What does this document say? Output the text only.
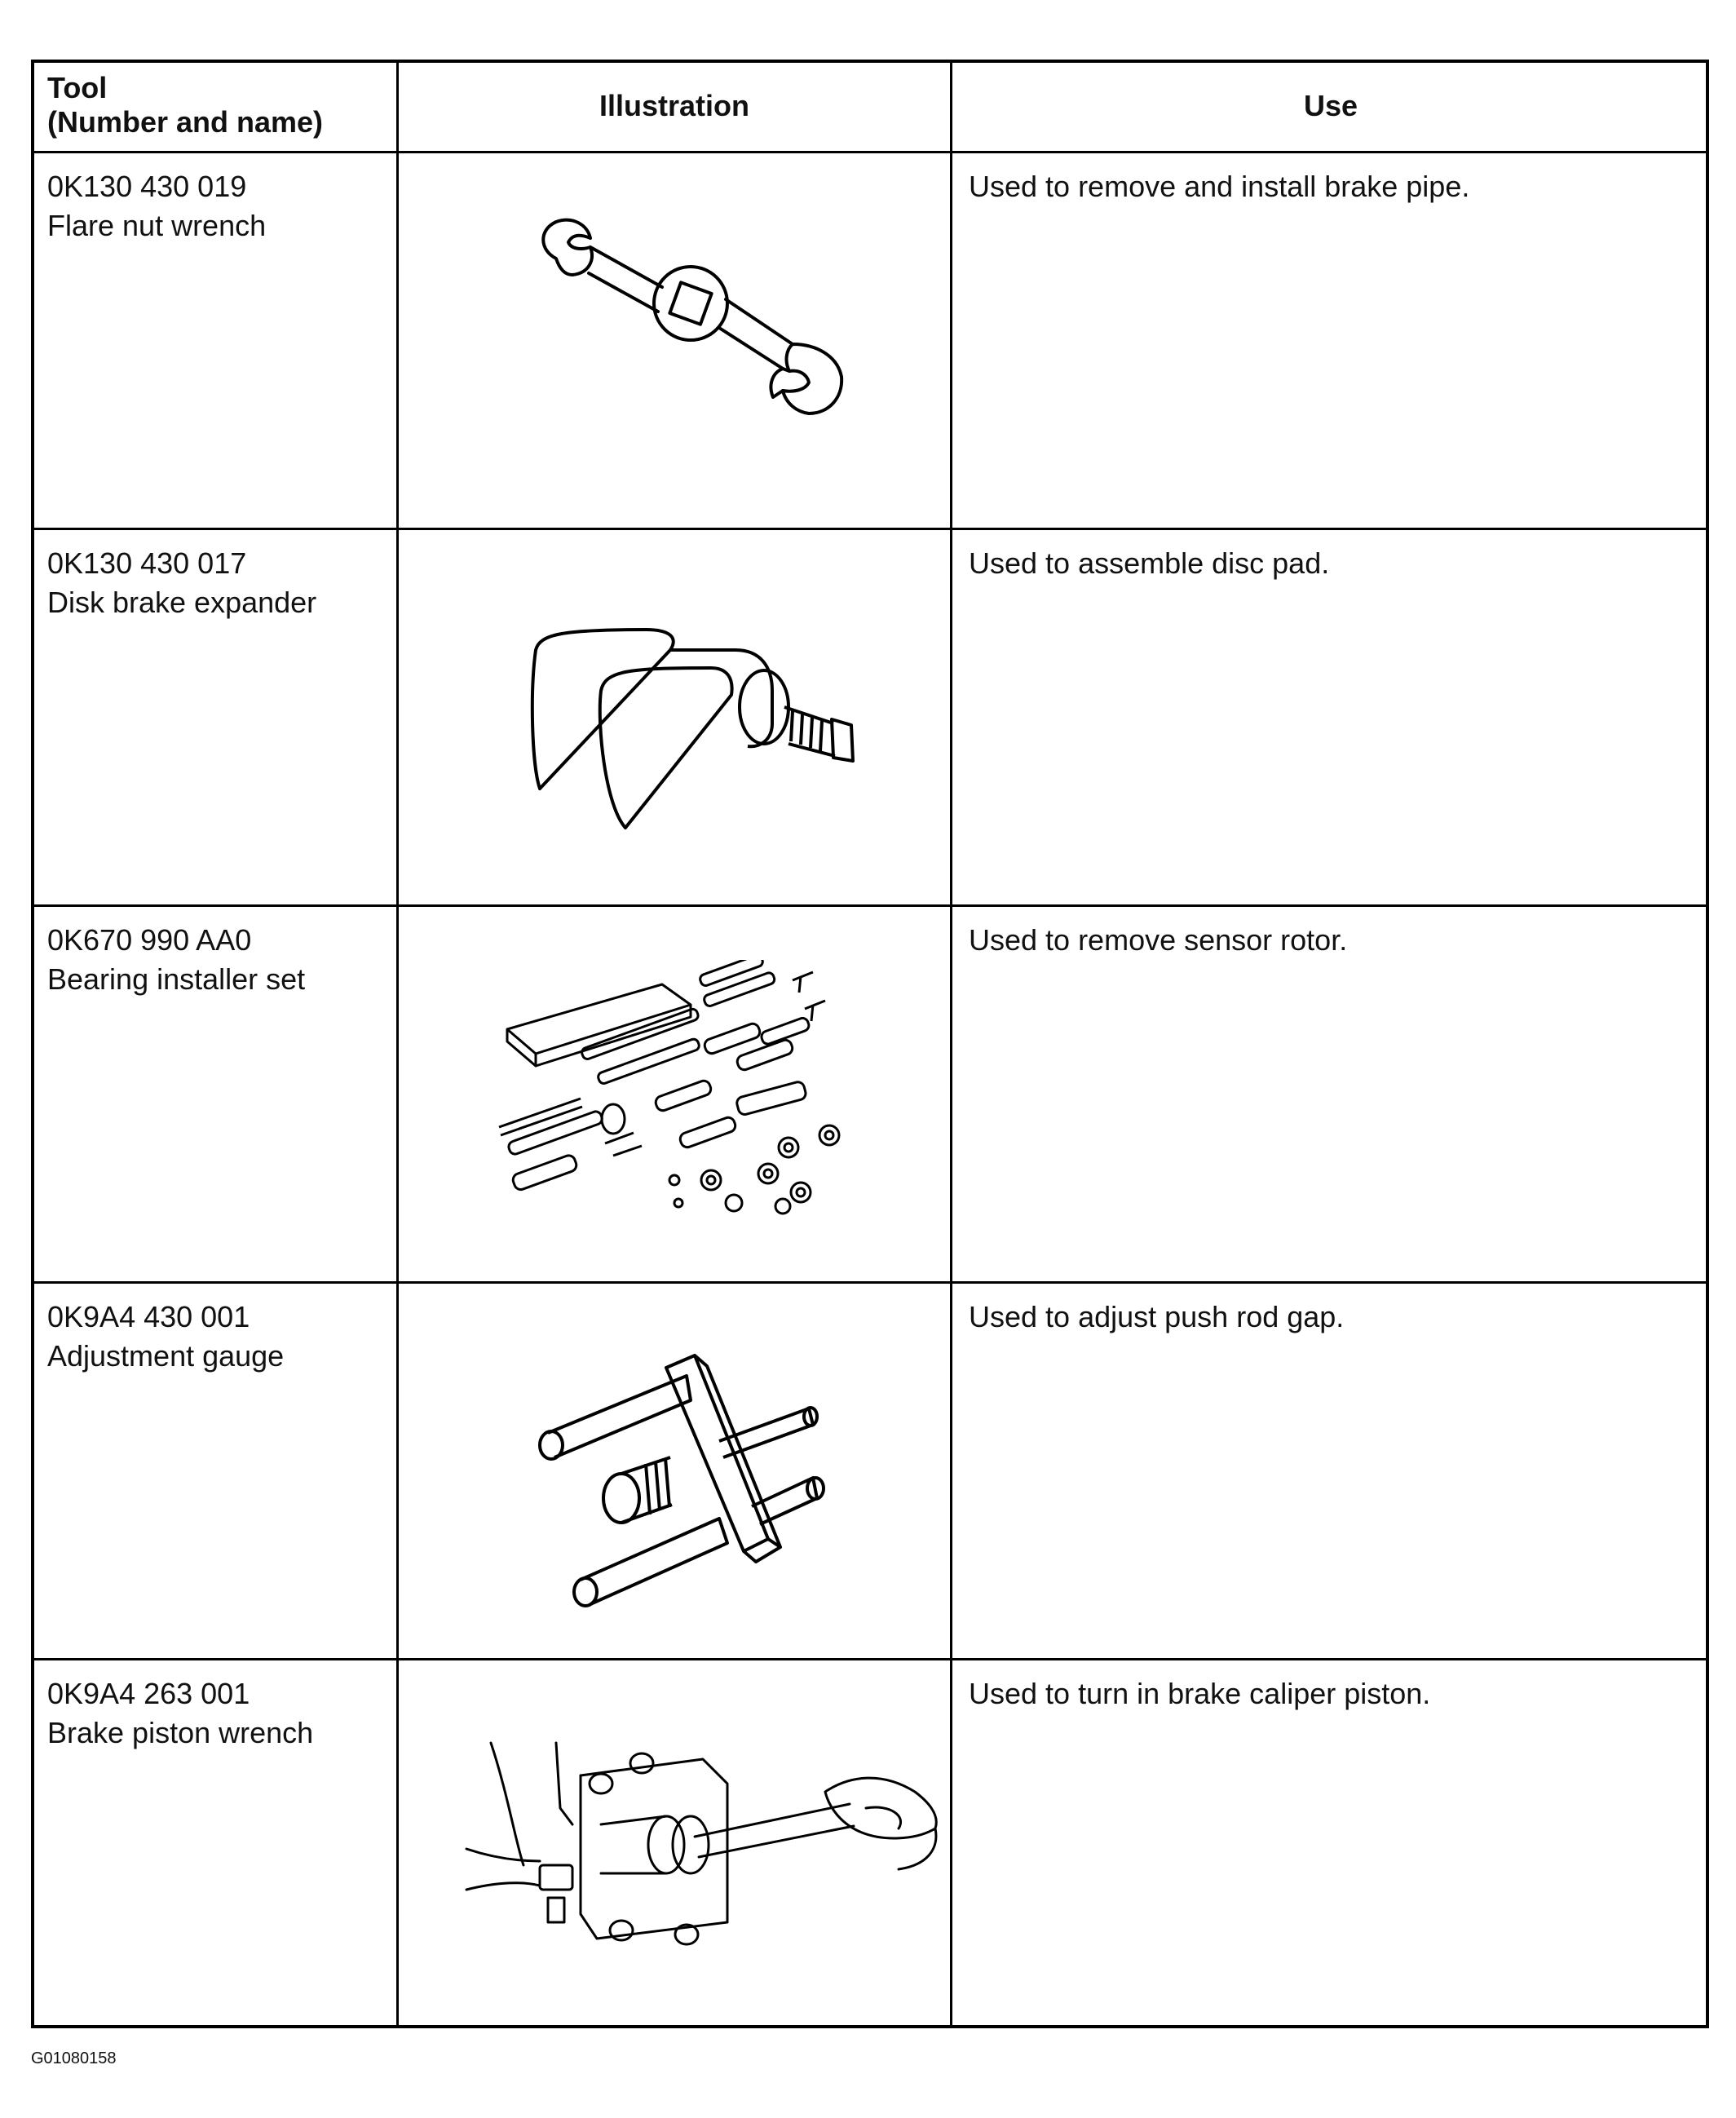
Tool
(Number and name)	Illustration	Use
0K130 430 019
Flare nut wrench
Used to remove and install brake pipe.
0K130 430 017
Disk brake expander
Used to assemble disc pad.
0K670 990 AA0
Bearing installer set
Used to remove sensor rotor.
0K9A4 430 001
Adjustment gauge
Used to adjust push rod gap.
0K9A4 263 001
Brake piston wrench
Used to turn in brake caliper piston.
G01080158
